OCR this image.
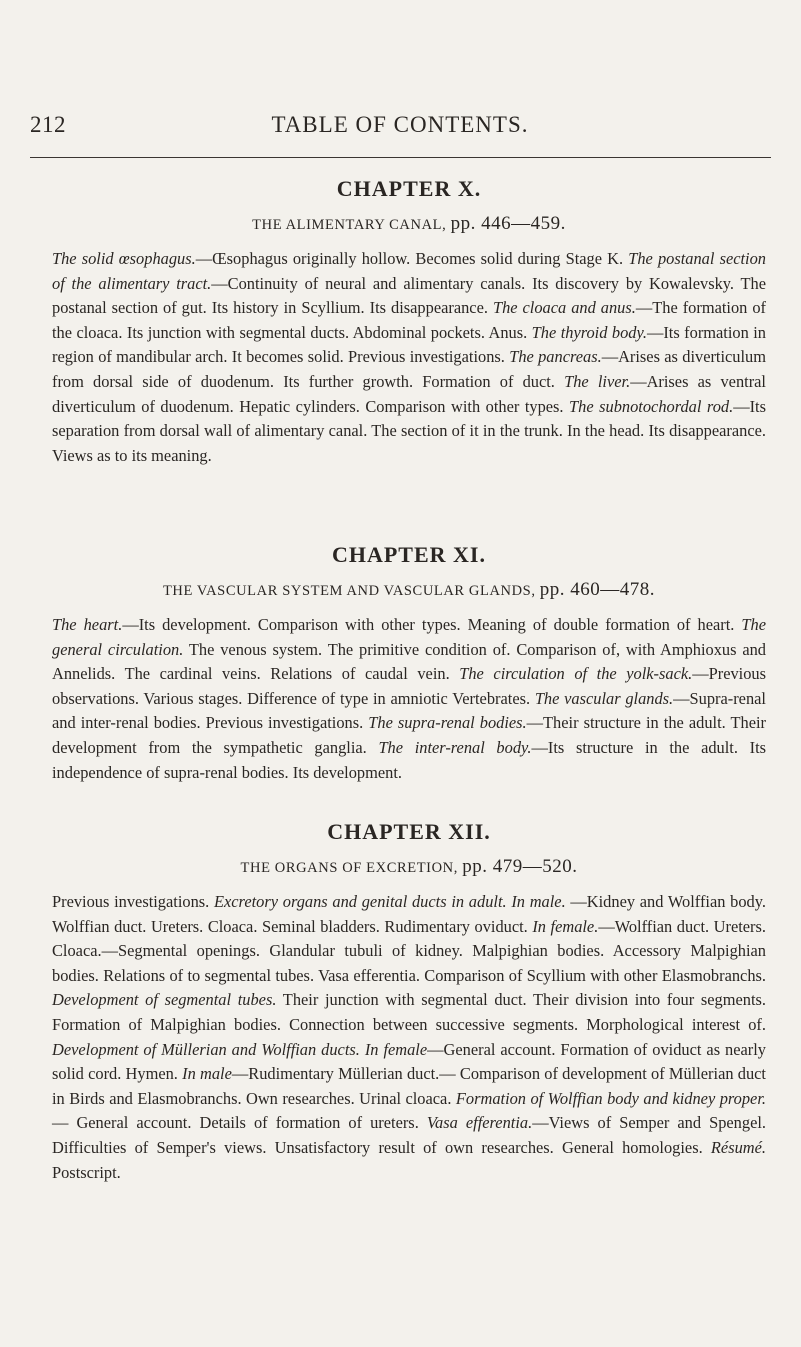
212	TABLE OF CONTENTS.
CHAPTER X.
THE ALIMENTARY CANAL, pp. 446—459.

The solid œsophagus.—Œsophagus originally hollow. Becomes solid during Stage K. The postanal section of the alimentary tract.—Continuity of neural and alimentary canals. Its discovery by Kowalevsky. The postanal section of gut. Its history in Scyllium. Its disappearance. The cloaca and anus.—The formation of the cloaca. Its junction with segmental ducts. Abdominal pockets. Anus. The thyroid body.—Its formation in region of mandibular arch. It becomes solid. Previous investigations. The pancreas.—Arises as diverticulum from dorsal side of duodenum. Its further growth. Formation of duct. The liver.—Arises as ventral diverticulum of duodenum. Hepatic cylinders. Comparison with other types. The subnotochordal rod.—Its separation from dorsal wall of alimentary canal. The section of it in the trunk. In the head. Its disappearance. Views as to its meaning.

CHAPTER XI.
THE VASCULAR SYSTEM AND VASCULAR GLANDS, pp. 460—478.

The heart.—Its development. Comparison with other types. Meaning of double formation of heart. The general circulation. The venous system. The primitive condition of. Comparison of, with Amphioxus and Annelids. The cardinal veins. Relations of caudal vein. The circulation of the yolk-sack.—Previous observations. Various stages. Difference of type in amniotic Vertebrates. The vascular glands.—Supra-renal and inter-renal bodies. Previous investigations. The supra-renal bodies.—Their structure in the adult. Their development from the sympathetic ganglia. The inter-renal body.—Its structure in the adult. Its independence of supra-renal bodies. Its development.

CHAPTER XII.
THE ORGANS OF EXCRETION, pp. 479—520.

Previous investigations. Excretory organs and genital ducts in adult. In male. —Kidney and Wolffian body. Wolffian duct. Ureters. Cloaca. Seminal bladders. Rudimentary oviduct. In female.—Wolffian duct. Ureters. Cloaca.—Segmental openings. Glandular tubuli of kidney. Malpighian bodies. Accessory Malpighian bodies. Relations of to segmental tubes. Vasa efferentia. Comparison of Scyllium with other Elasmobranchs. Development of segmental tubes. Their junction with segmental duct. Their division into four segments. Formation of Malpighian bodies. Connection between successive segments. Morphological interest of. Development of Müllerian and Wolffian ducts. In female—General account. Formation of oviduct as nearly solid cord. Hymen. In male—Rudimentary Müllerian duct.— Comparison of development of Müllerian duct in Birds and Elasmobranchs. Own researches. Urinal cloaca. Formation of Wolffian body and kidney proper.— General account. Details of formation of ureters. Vasa efferentia.—Views of Semper and Spengel. Difficulties of Semper's views. Unsatisfactory result of own researches. General homologies. Résumé. Postscript.
